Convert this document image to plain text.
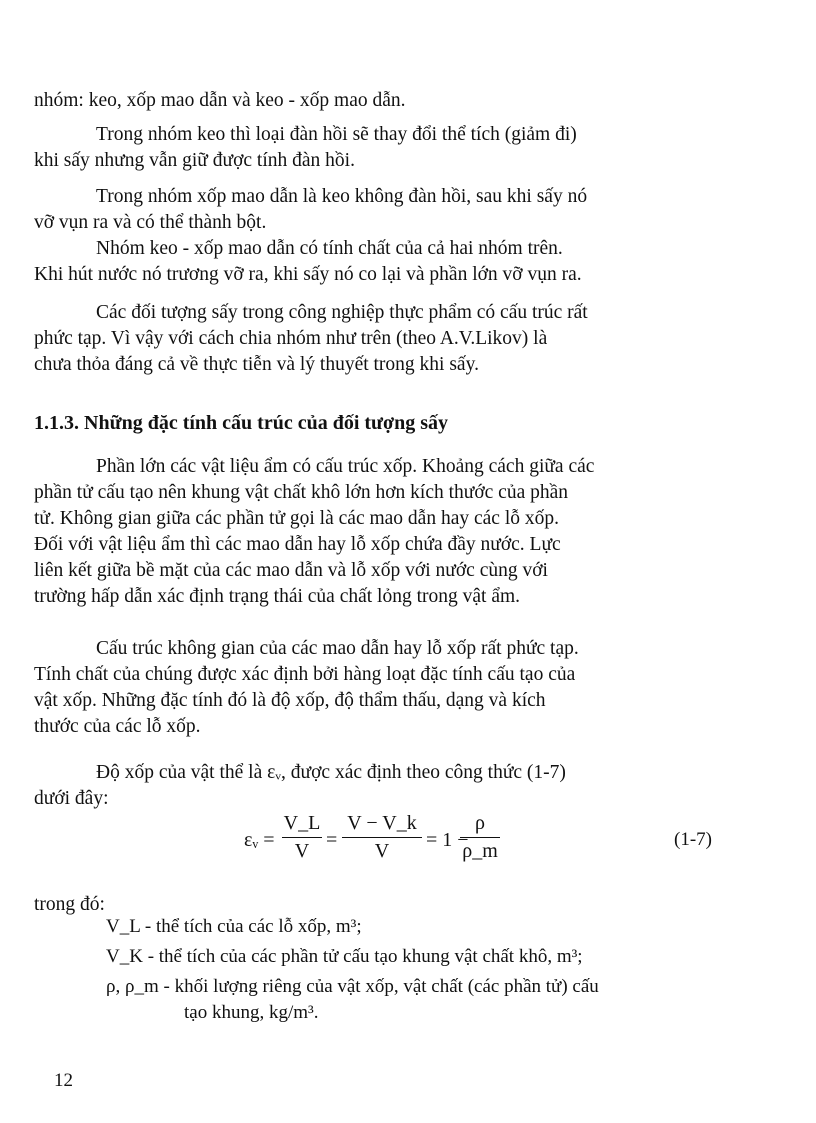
nhóm: keo, xốp mao dẫn và keo - xốp mao dẫn.
Trong nhóm keo thì loại đàn hồi sẽ thay đổi thể tích (giảm đi)
khi sấy nhưng vẫn giữ được tính đàn hồi.
Trong nhóm xốp mao dẫn là keo không đàn hồi, sau khi sấy nó
vỡ vụn ra và có thể thành bột.
Nhóm keo - xốp mao dẫn có tính chất của cả hai nhóm trên.
Khi hút nước nó trương vỡ ra, khi sấy nó co lại và phần lớn vỡ vụn ra.
Các đối tượng sấy trong công nghiệp thực phẩm có cấu trúc rất
phức tạp. Vì vậy với cách chia nhóm như trên (theo A.V.Likov) là
chưa thỏa đáng cả về thực tiễn và lý thuyết trong khi sấy.
1.1.3. Những đặc tính cấu trúc của đối tượng sấy
Phần lớn các vật liệu ẩm có cấu trúc xốp. Khoảng cách giữa các
phần tử cấu tạo nên khung vật chất khô lớn hơn kích thước của phần
tử. Không gian giữa các phần tử gọi là các mao dẫn hay các lỗ xốp.
Đối với vật liệu ẩm thì các mao dẫn hay lỗ xốp chứa đầy nước. Lực
liên kết giữa bề mặt của các mao dẫn và lỗ xốp với nước cùng với
trường hấp dẫn xác định trạng thái của chất lỏng trong vật ẩm.
Cấu trúc không gian của các mao dẫn hay lỗ xốp rất phức tạp.
Tính chất của chúng được xác định bởi hàng loạt đặc tính cấu tạo của
vật xốp. Những đặc tính đó là độ xốp, độ thẩm thấu, dạng và kích
thước của các lỗ xốp.
Độ xốp của vật thể là εᵥ, được xác định theo công thức (1-7)
dưới đây:
εᵥ =
V_L
V =
V − V_k
V	= 1 −
ρ
ρ_m
(1-7)
trong đó:
V_L - thể tích của các lỗ xốp, m³;
V_K - thể tích của các phần tử cấu tạo khung vật chất khô, m³;
ρ, ρ_m - khối lượng riêng của vật xốp, vật chất (các phần tử) cấu
tạo khung, kg/m³.
12
